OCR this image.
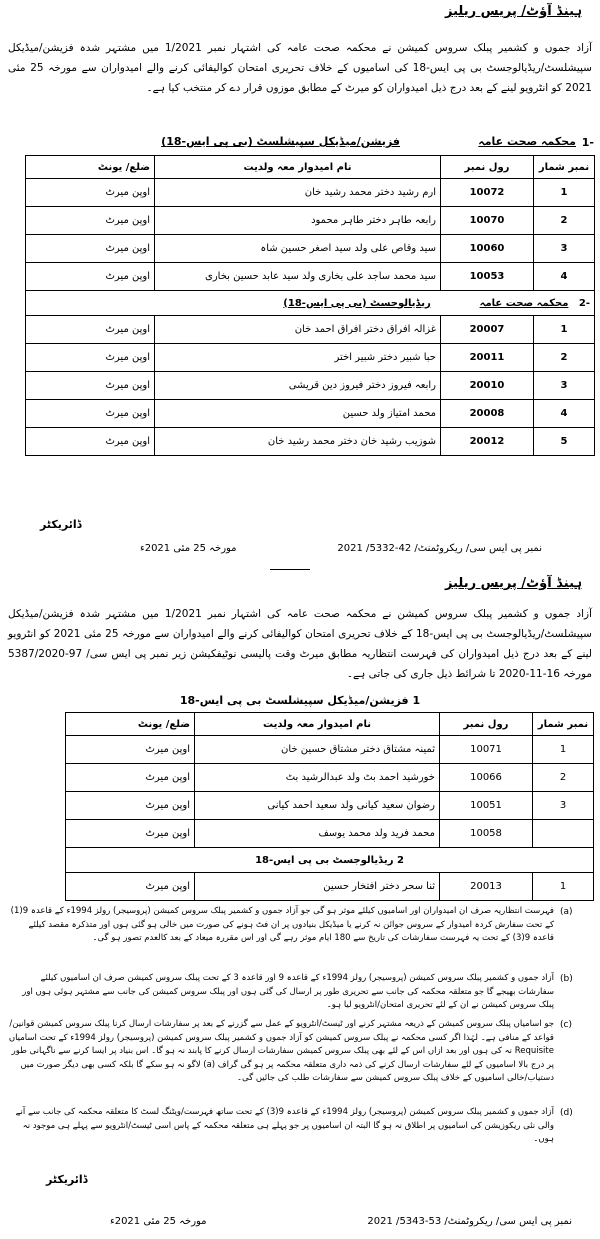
ہینڈ آؤٹ/ پریس ریلیز
آزاد جموں و کشمیر پبلک سروس کمیشن نے محکمہ صحت عامہ کی اشتہار نمبر 1/2021 میں مشتہر شدہ فزیشن/میڈیکل سپیشلسٹ/ریڈیالوجسٹ بی پی ایس-18 کی اسامیوں کے خلاف تحریری امتحان کوالیفائی کرنے والے امیدواران سے مورخہ 25 مئی 2021 کو انٹرویو لینے کے بعد درج ذیل امیدواران کو میرٹ کے مطابق موزوں قرار دے کر منتخب کیا ہے۔
1-
محکمہ صحت عامہ
فزیشن/میڈیکل سپیشلسٹ (بی پی ایس-18)
نمبر شمار	رول نمبر	نام امیدوار معہ ولدیت	ضلع/ یونٹ
1	10072	ارم رشید دختر محمد رشید خان	اوپن میرٹ
2	10070	رابعہ طاہر دختر طاہر محمود	اوپن میرٹ
3	10060	سید وقاص علی ولد سید اصغر حسین شاہ	اوپن میرٹ
4	10053	سید محمد ساجد علی بخاری ولد سید عابد حسین بخاری	اوپن میرٹ
-2   محکمہ صحت عامہ              ریڈیالوجسٹ (بی پی ایس-18)			
1	20007	غزالہ افراق دختر افراق احمد خان	اوپن میرٹ
2	20011	حبا شبیر دختر شبیر اختر	اوپن میرٹ
3	20010	رابعہ فیروز دختر فیروز دین قریشی	اوپن میرٹ
4	20008	محمد امتیاز ولد حسین	اوپن میرٹ
5	20012	شوزیب رشید خان دختر محمد رشید خان	اوپن میرٹ
ڈائریکٹر
نمبر پی ایس سی/ ریکروٹمنٹ/ 42-5332/ 2021
مورخہ 25 مئی 2021ء
ہینڈ آؤٹ/ پریس ریلیز
آزاد جموں و کشمیر پبلک سروس کمیشن نے محکمہ صحت عامہ کی اشتہار نمبر 1/2021 میں مشتہر شدہ فزیشن/میڈیکل سپیشلسٹ/ریڈیالوجسٹ بی پی ایس-18 کے خلاف تحریری امتحان کوالیفائی کرنے والے امیدواران سے مورخہ 25 مئی 2021 کو انٹرویو لینے کے بعد درج ذیل امیدواران کی فہرست انتظاریہ مطابق میرٹ وقت پالیسی نوٹیفکیشن زیر نمبر پی ایس سی/ 97-5387/2020 مورخہ 16-11-2020 تا شرائط ذیل جاری کی جاتی ہے۔
1 فزیشن/میڈیکل سپیشلسٹ بی پی ایس-18
نمبر شمار	رول نمبر	نام امیدوار معہ ولدیت	ضلع/ یونٹ
1	10071	ثمینہ مشتاق دختر مشتاق حسین خان	اوپن میرٹ
2	10066	خورشید احمد بٹ ولد عبدالرشید بٹ	اوپن میرٹ
3	10051	رضوان سعید کیانی ولد سعید احمد کیانی	اوپن میرٹ
	10058	محمد فرید ولد محمد یوسف	اوپن میرٹ
2 ریڈیالوجسٹ بی پی ایس-18			
1	20013	ثنا سحر دختر افتخار حسین	اوپن میرٹ
(a)
فہرست انتظاریہ صرف ان امیدواران اور اسامیوں کیلئے موثر ہو گی جو آزاد جموں و کشمیر پبلک سروس کمیشن (پروسیجر) رولز 1994ء کے قاعدہ 9(1) کے تحت سفارش کردہ امیدوار کے سروس جوائن نہ کرنے یا میڈیکل بنیادوں پر ان فٹ ہونے کی صورت میں خالی ہو گئی ہوں اور متذکرہ مقصد کیلئے قاعدہ 9(3) کے تحت یہ فہرست سفارشات کی تاریخ سے 180 ایام موثر رہے گی اور اس مقررہ میعاد کے بعد کالعدم تصور ہو گی۔
(b)
آزاد جموں و کشمیر پبلک سروس کمیشن (پروسیجر) رولز 1994ء کے قاعدہ 9 اور قاعدہ 3 کے تحت پبلک سروس کمیشن صرف ان اسامیوں کیلئے سفارشات بھیجے گا جو متعلقہ محکمہ کی جانب سے تحریری طور پر ارسال کی گئی ہوں اور پبلک سروس کمیشن کی جانب سے مشتہر ہوئی ہوں اور پبلک سروس کمیشن نے ان کے لئے تحریری امتحان/انٹرویو لیا ہو۔
(c)
جو اسامیاں پبلک سروس کمیشن کے ذریعہ مشتہر کرنے اور ٹیسٹ/انٹرویو کے عمل سے گزرنے کے بعد پر سفارشات ارسال کرنا پبلک سروس کمیشن قوانین/قواعد کے منافی ہے۔ لہٰذا اگر کسی محکمہ نے پبلک سروس کمیشن کو آزاد جموں و کشمیر پبلک سروس کمیشن (پروسیجر) رولز 1994ء کے تحت اسامیاں Requisite نہ کی ہوں اور بعد ازاں اس کے لئے بھی پبلک سروس کمیشن سفارشات ارسال کرنے کا پابند نہ ہو گا۔ اس بنیاد پر ایسا کرنے سے ناگہانی طور پر درج بالا اسامیوں کے لئے سفارشات ارسال کرنے کی ذمہ داری متعلقہ محکمہ پر ہو گی گراف (a) لاگو نہ ہو سکے گا بلکہ کسی بھی دیگر صورت میں دستیاب/خالی اسامیوں کے خلاف پبلک سروس کمیشن سے سفارشات طلب کی جائیں گی۔
(d)
آزاد جموں و کشمیر پبلک سروس کمیشن (پروسیجر) رولز 1994ء کے قاعدہ 9(3) کے تحت ساتھ فہرست/ویٹنگ لسٹ کا متعلقہ محکمہ کی جانب سے آنے والی نئی ریکوزیشن کی اسامیوں پر اطلاق نہ ہو گا البتہ ان اسامیوں پر جو پہلے ہی متعلقہ محکمہ کے پاس اسی ٹیسٹ/انٹرویو سے پہلے ہی موجود نہ ہوں۔
ڈائریکٹر
نمبر پی ایس سی/ ریکروٹمنٹ/ 53-5343/ 2021
مورخہ 25 مئی 2021ء
